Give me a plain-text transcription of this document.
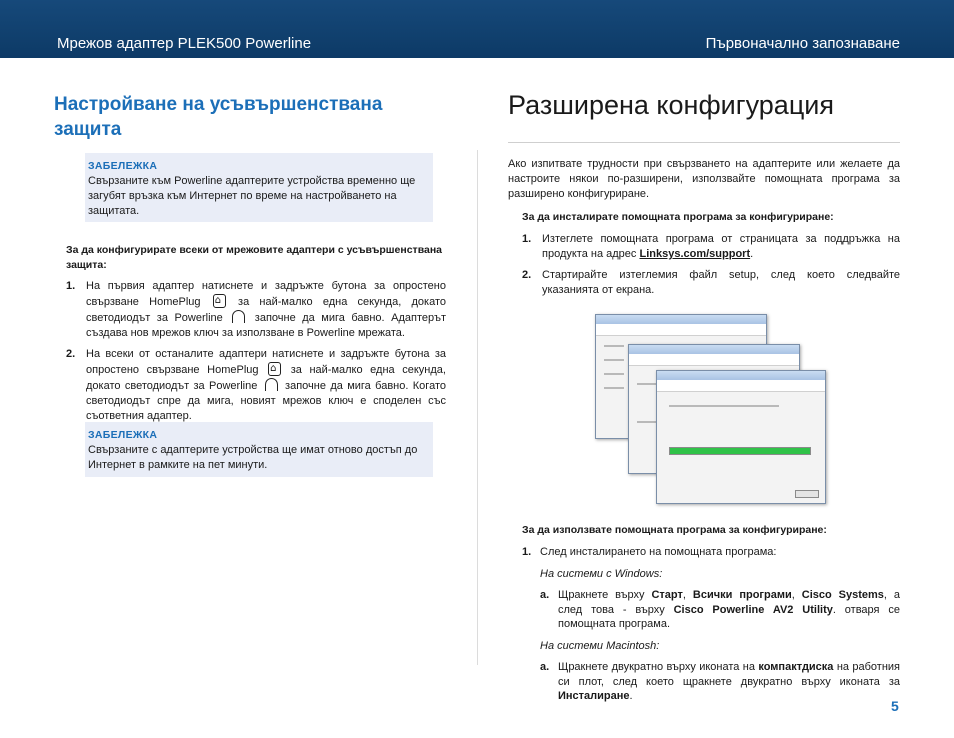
Мрежов адаптер PLEK500 Powerline	Първоначално запознаване
Настройване на усъвършенствана защита
ЗАБЕЛЕЖКА
Свързаните към Powerline адаптерите устройства временно ще загубят връзка към Интернет по време на настройването на защитата.
За да конфигурирате всеки от мрежовите адаптери с усъвършенствана защита:
1. На първия адаптер натиснете и задръжте бутона за опростено свързване HomePlug ⌂	за най-малко една секунда, докато светодиодът за Powerline	започне да мига бавно. Адаптерът създава нов мрежов ключ за използване в Powerline мрежата.
2. На всеки от останалите адаптери натиснете и задръжте бутона за опростено свързване HomePlug ⌂	за най-малко една секунда, докато светодиодът за Powerline	започне да мига бавно. Когато светодиодът спре да мига, новият мрежов ключ е споделен със съответния адаптер.
ЗАБЕЛЕЖКА
Свързаните с адаптерите устройства ще имат отново достъп до Интернет в рамките на пет минути.
Разширена конфигурация
Ако изпитвате трудности при свързването на адаптерите или желаете да настроите някои по-разширени, използвайте помощната програма за разширено конфигуриране.
За да инсталирате помощната програма за конфигуриране:
1. Изтеглете помощната програма от страницата за поддръжка на продукта на адрес Linksys.com/support.
2. Стартирайте изтеглемия файл setup, след което следвайте указанията от екрана.
За да използвате помощната програма за конфигуриране:
1. След инсталирането на помощната програма:
На системи с Windows:
a. Щракнете върху Старт, Всички програми, Cisco Systems, а след това - върху Cisco Powerline AV2 Utility. отваря се помощната програма.
На системи Macintosh:
a. Щракнете двукратно върху иконата на компактдиска на работния си плот, след което щракнете двукратно върху иконата за Инсталиране.
5
